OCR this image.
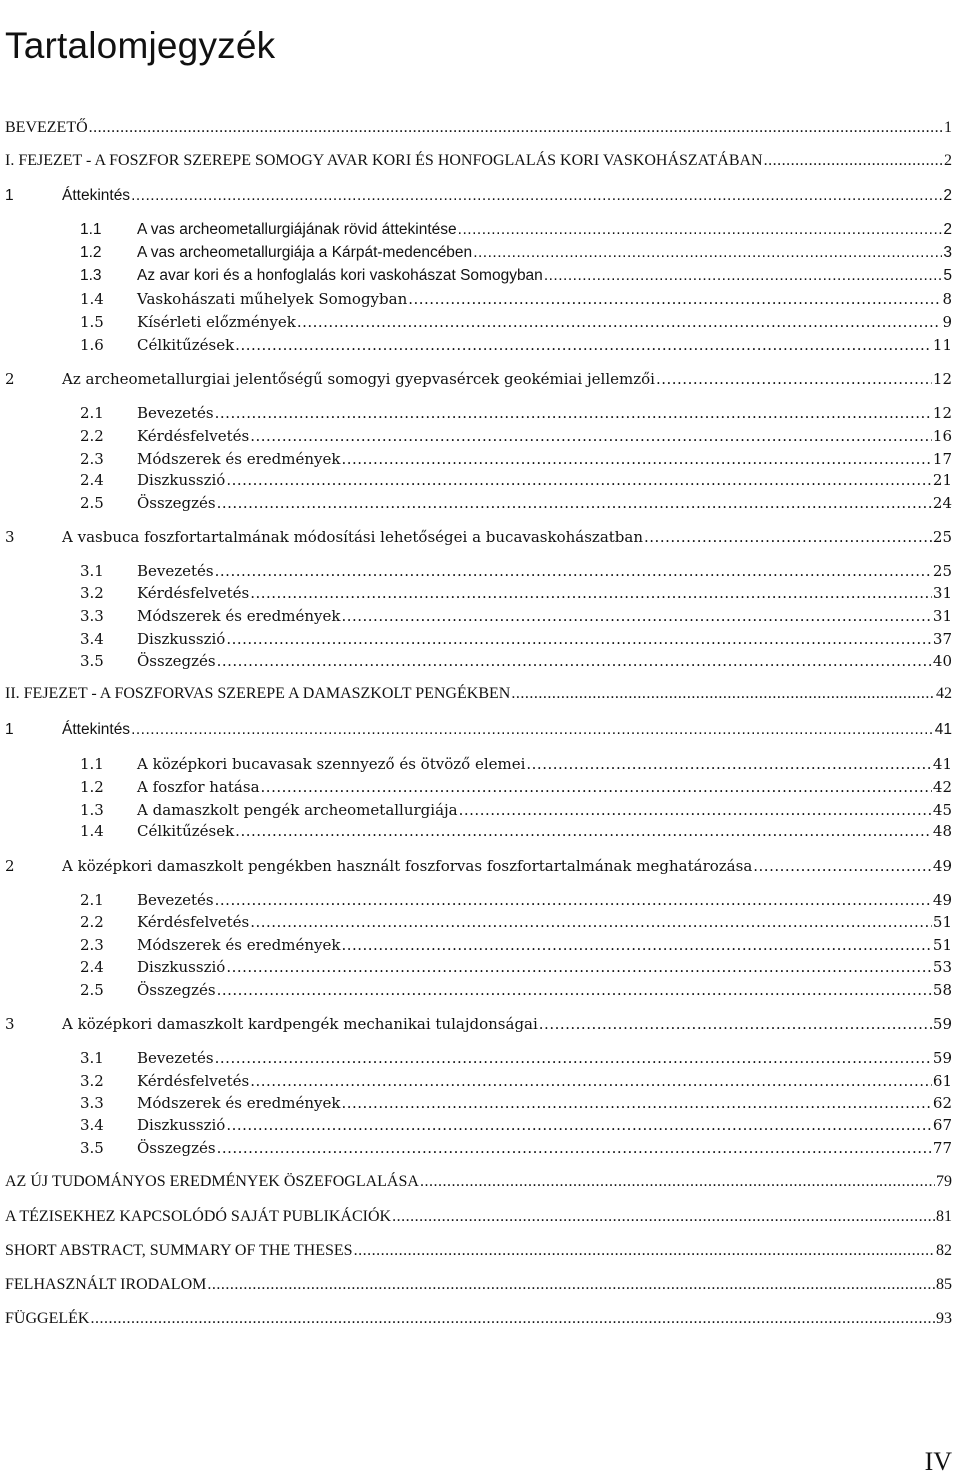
Tartalomjegyzék
BEVEZETŐ .....	1
I. FEJEZET - A FOSZFOR SZEREPE SOMOGY AVAR KORI ÉS HONFOGLALÁS KORI VASKOHÁSZATÁBAN .....	2
1	Áttekintés .....	2
1.1	A vas archeometallurgiájának rövid áttekintése .....	2
1.2	A vas archeometallurgiája a Kárpát-medencében .....	3
1.3	Az avar kori és a honfoglalás kori vaskohászat Somogyban .....	5
1.4	Vaskohászati műhelyek Somogyban .....	8
1.5	Kísérleti előzmények .....	9
1.6	Célkitűzések .....	11
2	Az archeometallurgiai jelentőségű somogyi gyepvasércek geokémiai jellemzői .....	12
2.1	Bevezetés .....	12
2.2	Kérdésfelvetés .....	16
2.3	Módszerek és eredmények .....	17
2.4	Diszkusszió .....	21
2.5	Összegzés .....	24
3	A vasbuca foszfortartalmának módosítási lehetőségei a bucavaskohászatban .....	25
3.1	Bevezetés .....	25
3.2	Kérdésfelvetés .....	31
3.3	Módszerek és eredmények .....	31
3.4	Diszkusszió .....	37
3.5	Összegzés .....	40
II. FEJEZET - A FOSZFORVAS SZEREPE A DAMASZKOLT PENGÉKBEN .....	42
1	Áttekintés .....	41
1.1	A középkori bucavasak szennyező és ötvöző elemei .....	41
1.2	A foszfor hatása .....	42
1.3	A damaszkolt pengék archeometallurgiája .....	45
1.4	Célkitűzések .....	48
2	A középkori damaszkolt pengékben használt foszforvas foszfortartalmának meghatározása .....	49
2.1	Bevezetés .....	49
2.2	Kérdésfelvetés .....	51
2.3	Módszerek és eredmények .....	51
2.4	Diszkusszió .....	53
2.5	Összegzés .....	58
3	A középkori damaszkolt kardpengék mechanikai tulajdonságai .....	59
3.1	Bevezetés .....	59
3.2	Kérdésfelvetés .....	61
3.3	Módszerek és eredmények .....	62
3.4	Diszkusszió .....	67
3.5	Összegzés .....	77
AZ ÚJ TUDOMÁNYOS EREDMÉNYEK ÖSZEFOGLALÁSA .....	79
A TÉZISEKHEZ KAPCSOLÓDÓ SAJÁT PUBLIKÁCIÓK .....	81
SHORT ABSTRACT, SUMMARY OF THE THESES .....	82
FELHASZNÁLT IRODALOM .....	85
FÜGGELÉK .....	93
IV
